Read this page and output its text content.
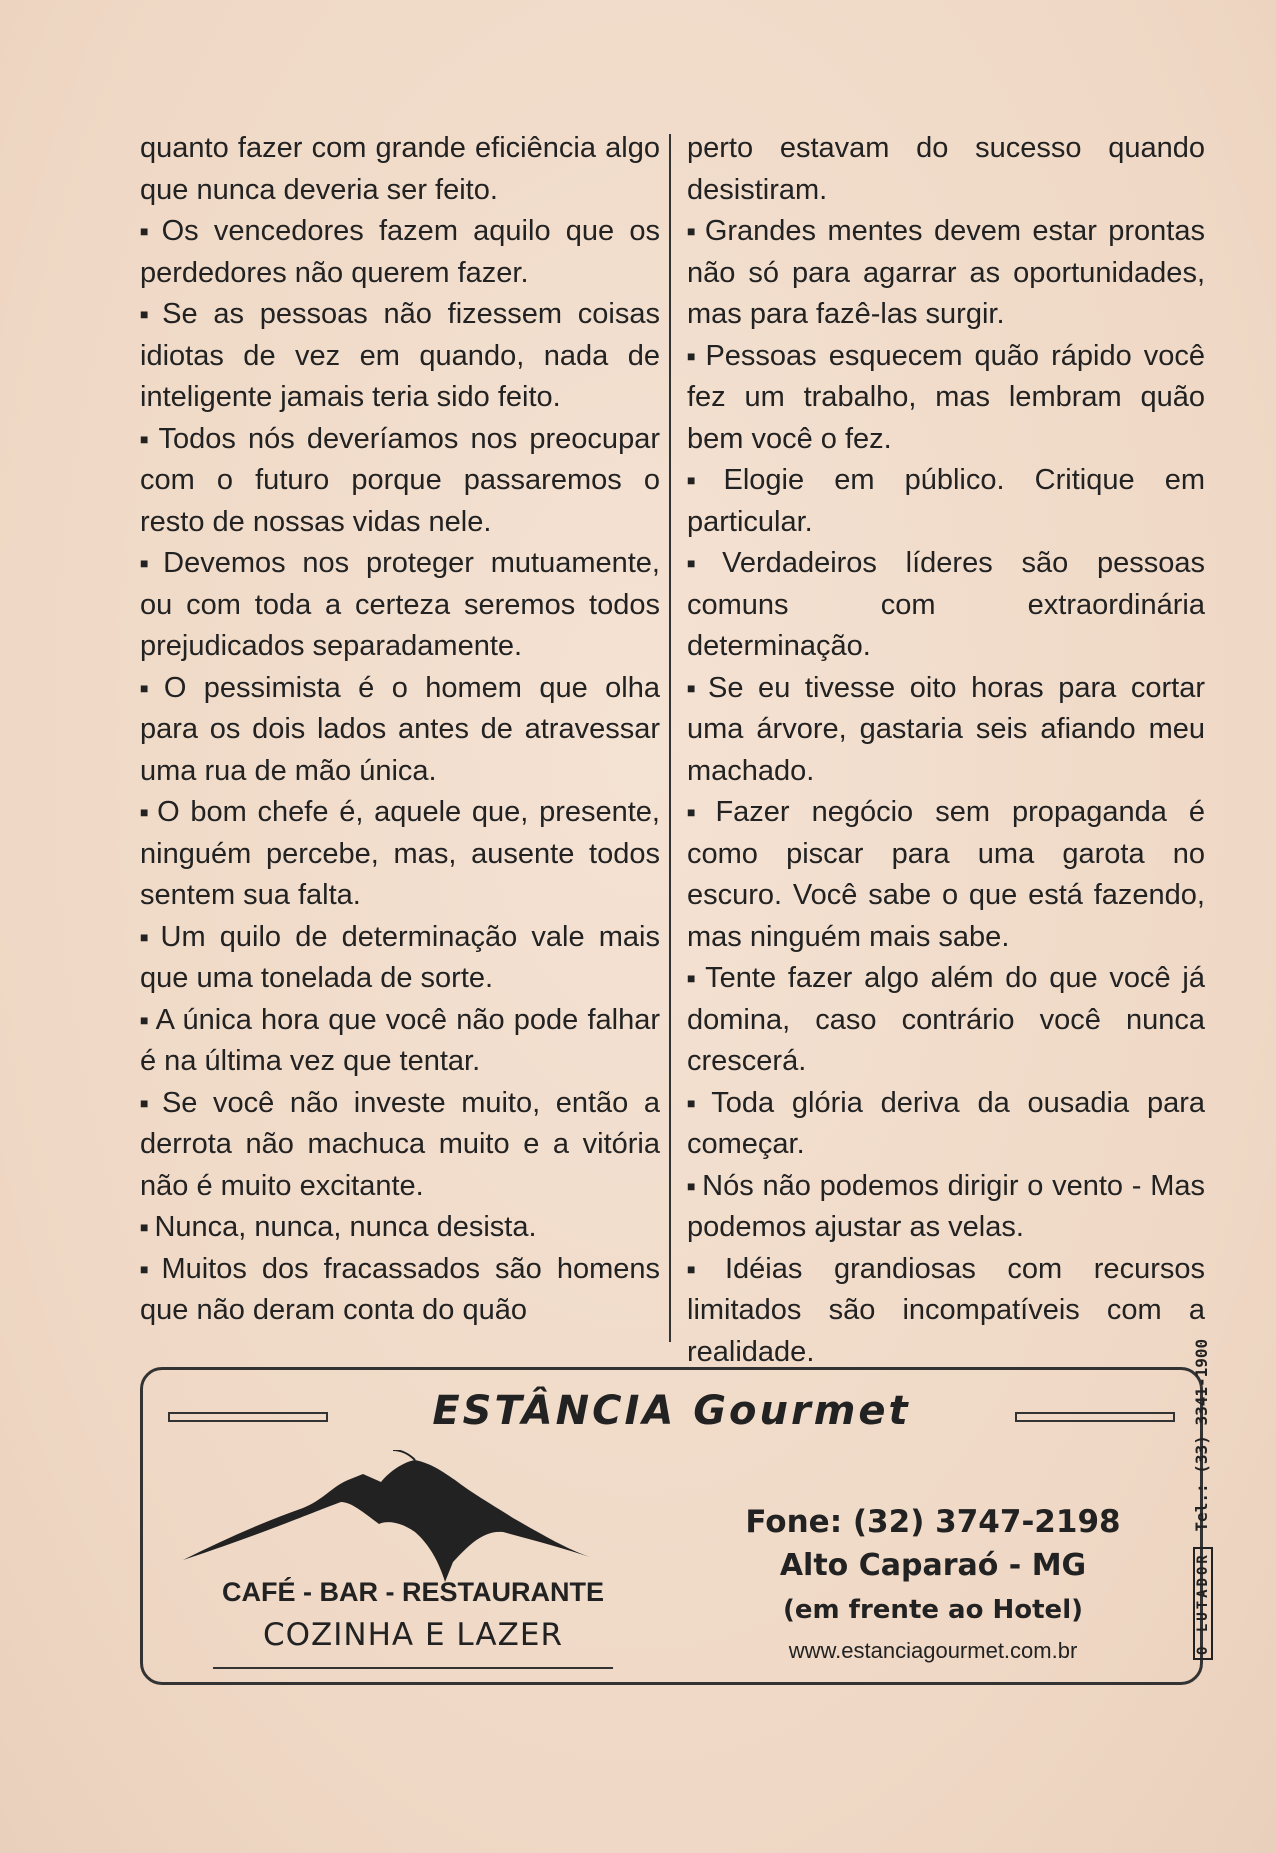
quanto fazer com grande eficiência algo que nunca deveria ser feito.

■ Os vencedores fazem aquilo que os perdedores não querem fazer.

■ Se as pessoas não fizessem coisas idiotas de vez em quando, nada de inteligente jamais teria sido feito.

■ Todos nós deveríamos nos preocupar com o futuro porque passaremos o resto de nossas vidas nele.

■ Devemos nos proteger mutuamente, ou com toda a certeza seremos todos prejudicados separadamente.

■ O pessimista é o homem que olha para os dois lados antes de atravessar uma rua de mão única.

■ O bom chefe é, aquele que, presente, ninguém percebe, mas, ausente todos sentem sua falta.

■ Um quilo de determinação vale mais que uma tonelada de sorte.

■ A única hora que você não pode falhar é na última vez que tentar.

■ Se você não investe muito, então a derrota não machuca muito e a vitória não é muito excitante.

■ Nunca, nunca, nunca desista.

■ Muitos dos fracassados são homens que não deram conta do quão

perto estavam do sucesso quando desistiram.

■ Grandes mentes devem estar prontas não só para agarrar as oportunidades, mas para fazê-las surgir.

■ Pessoas esquecem quão rápido você fez um trabalho, mas lembram quão bem você o fez.

■ Elogie em público. Critique em particular.

■ Verdadeiros líderes são pessoas comuns com extraordinária determinação.

■ Se eu tivesse oito horas para cortar uma árvore, gastaria seis afiando meu machado.

■ Fazer negócio sem propaganda é como piscar para uma garota no escuro. Você sabe o que está fazendo, mas ninguém mais sabe.

■ Tente fazer algo além do que você já domina, caso contrário você nunca crescerá.

■ Toda glória deriva da ousadia para começar.

■ Nós não podemos dirigir o vento - Mas podemos ajustar as velas.

■ Idéias grandiosas com recursos limitados são incompatíveis com a realidade.

ESTÂNCIA Gourmet
CAFÉ - BAR - RESTAURANTE
COZINHA E LAZER
Fone: (32) 3747-2198
Alto Caparaó - MG
(em frente ao Hotel)
www.estanciagourmet.com.br	O LUTADOR Tel.: (33) 3341-1900
